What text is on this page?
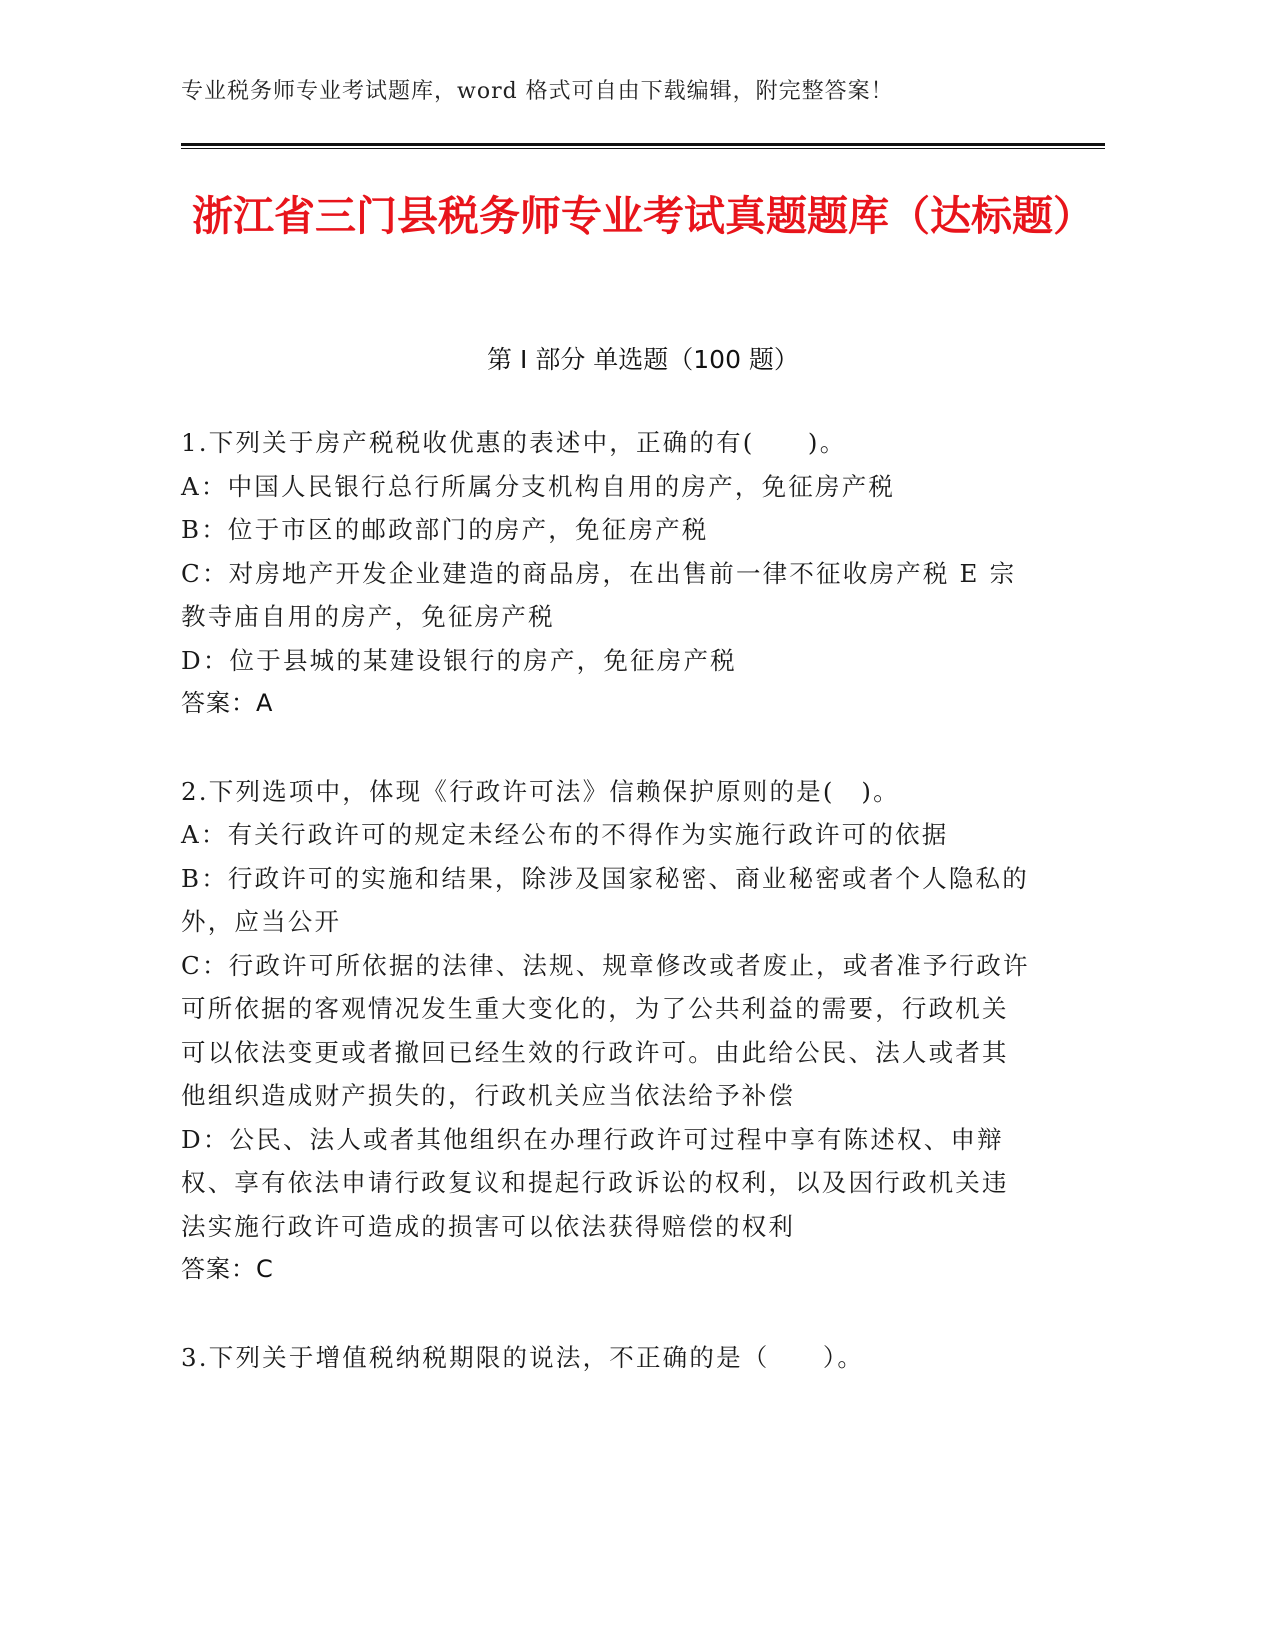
专业税务师专业考试题库，word 格式可自由下载编辑，附完整答案！
浙江省三门县税务师专业考试真题题库（达标题）
第 I 部分 单选题（100 题）

1.下列关于房产税税收优惠的表述中，正确的有(　　)。

A：中国人民银行总行所属分支机构自用的房产，免征房产税

B：位于市区的邮政部门的房产，免征房产税

C：对房地产开发企业建造的商品房，在出售前一律不征收房产税 E 宗教寺庙自用的房产，免征房产税

D：位于县城的某建设银行的房产，免征房产税

答案：A

2.下列选项中，体现《行政许可法》信赖保护原则的是(　)。

A：有关行政许可的规定未经公布的不得作为实施行政许可的依据

B：行政许可的实施和结果，除涉及国家秘密、商业秘密或者个人隐私的外，应当公开

C：行政许可所依据的法律、法规、规章修改或者废止，或者准予行政许可所依据的客观情况发生重大变化的，为了公共利益的需要，行政机关可以依法变更或者撤回已经生效的行政许可。由此给公民、法人或者其他组织造成财产损失的，行政机关应当依法给予补偿

D：公民、法人或者其他组织在办理行政许可过程中享有陈述权、申辩权、享有依法申请行政复议和提起行政诉讼的权利，以及因行政机关违法实施行政许可造成的损害可以依法获得赔偿的权利

答案：C

3.下列关于增值税纳税期限的说法，不正确的是（　　）。
